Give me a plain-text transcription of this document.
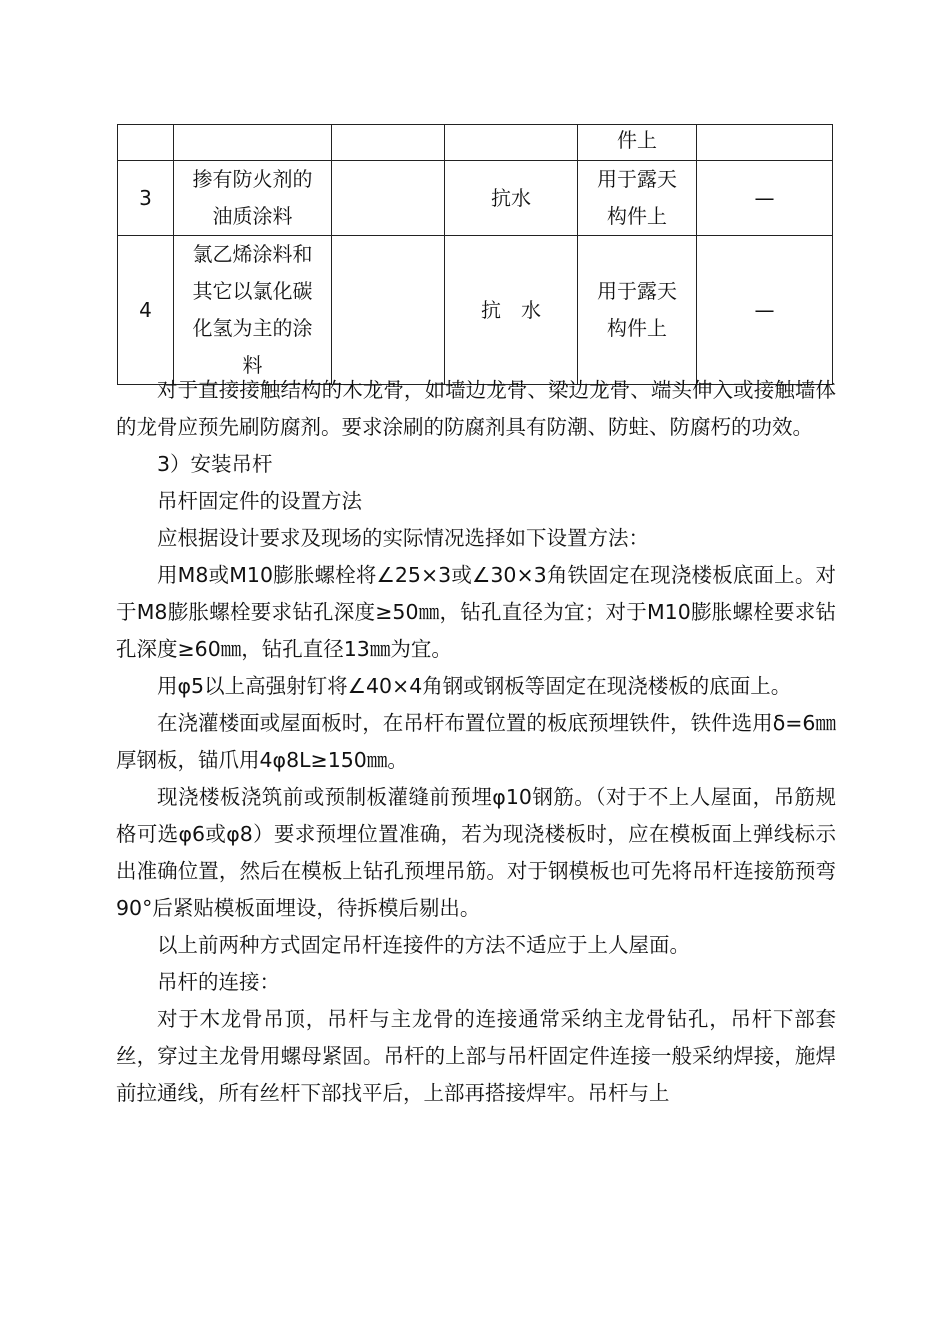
				件上	

3	掺有防火剂的油质涂料		抗水	用于露天构件上	—
4	氯乙烯涂料和其它以氯化碳化氢为主的涂料		抗　水	用于露天构件上	—

对于直接接触结构的木龙骨，如墙边龙骨、梁边龙骨、端头伸入或接触墙体的龙骨应预先刷防腐剂。要求涂刷的防腐剂具有防潮、防蛀、防腐朽的功效。

3）安装吊杆

吊杆固定件的设置方法

应根据设计要求及现场的实际情况选择如下设置方法：

用M8或M10膨胀螺栓将∠25×3或∠30×3角铁固定在现浇楼板底面上。对于M8膨胀螺栓要求钻孔深度≥50㎜，钻孔直径为宜；对于M10膨胀螺栓要求钻孔深度≥60㎜，钻孔直径13㎜为宜。

用φ5以上高强射钉将∠40×4角钢或钢板等固定在现浇楼板的底面上。

在浇灌楼面或屋面板时，在吊杆布置位置的板底预埋铁件，铁件选用δ=6㎜厚钢板，锚爪用4φ8L≥150㎜。

现浇楼板浇筑前或预制板灌缝前预埋φ10钢筋。（对于不上人屋面，吊筋规格可选φ6或φ8）要求预埋位置准确，若为现浇楼板时，应在模板面上弹线标示出准确位置，然后在模板上钻孔预埋吊筋。对于钢模板也可先将吊杆连接筋预弯90°后紧贴模板面埋设，待拆模后剔出。

以上前两种方式固定吊杆连接件的方法不适应于上人屋面。

吊杆的连接：

对于木龙骨吊顶，吊杆与主龙骨的连接通常采纳主龙骨钻孔，吊杆下部套丝，穿过主龙骨用螺母紧固。吊杆的上部与吊杆固定件连接一般采纳焊接，施焊前拉通线，所有丝杆下部找平后，上部再搭接焊牢。吊杆与上
